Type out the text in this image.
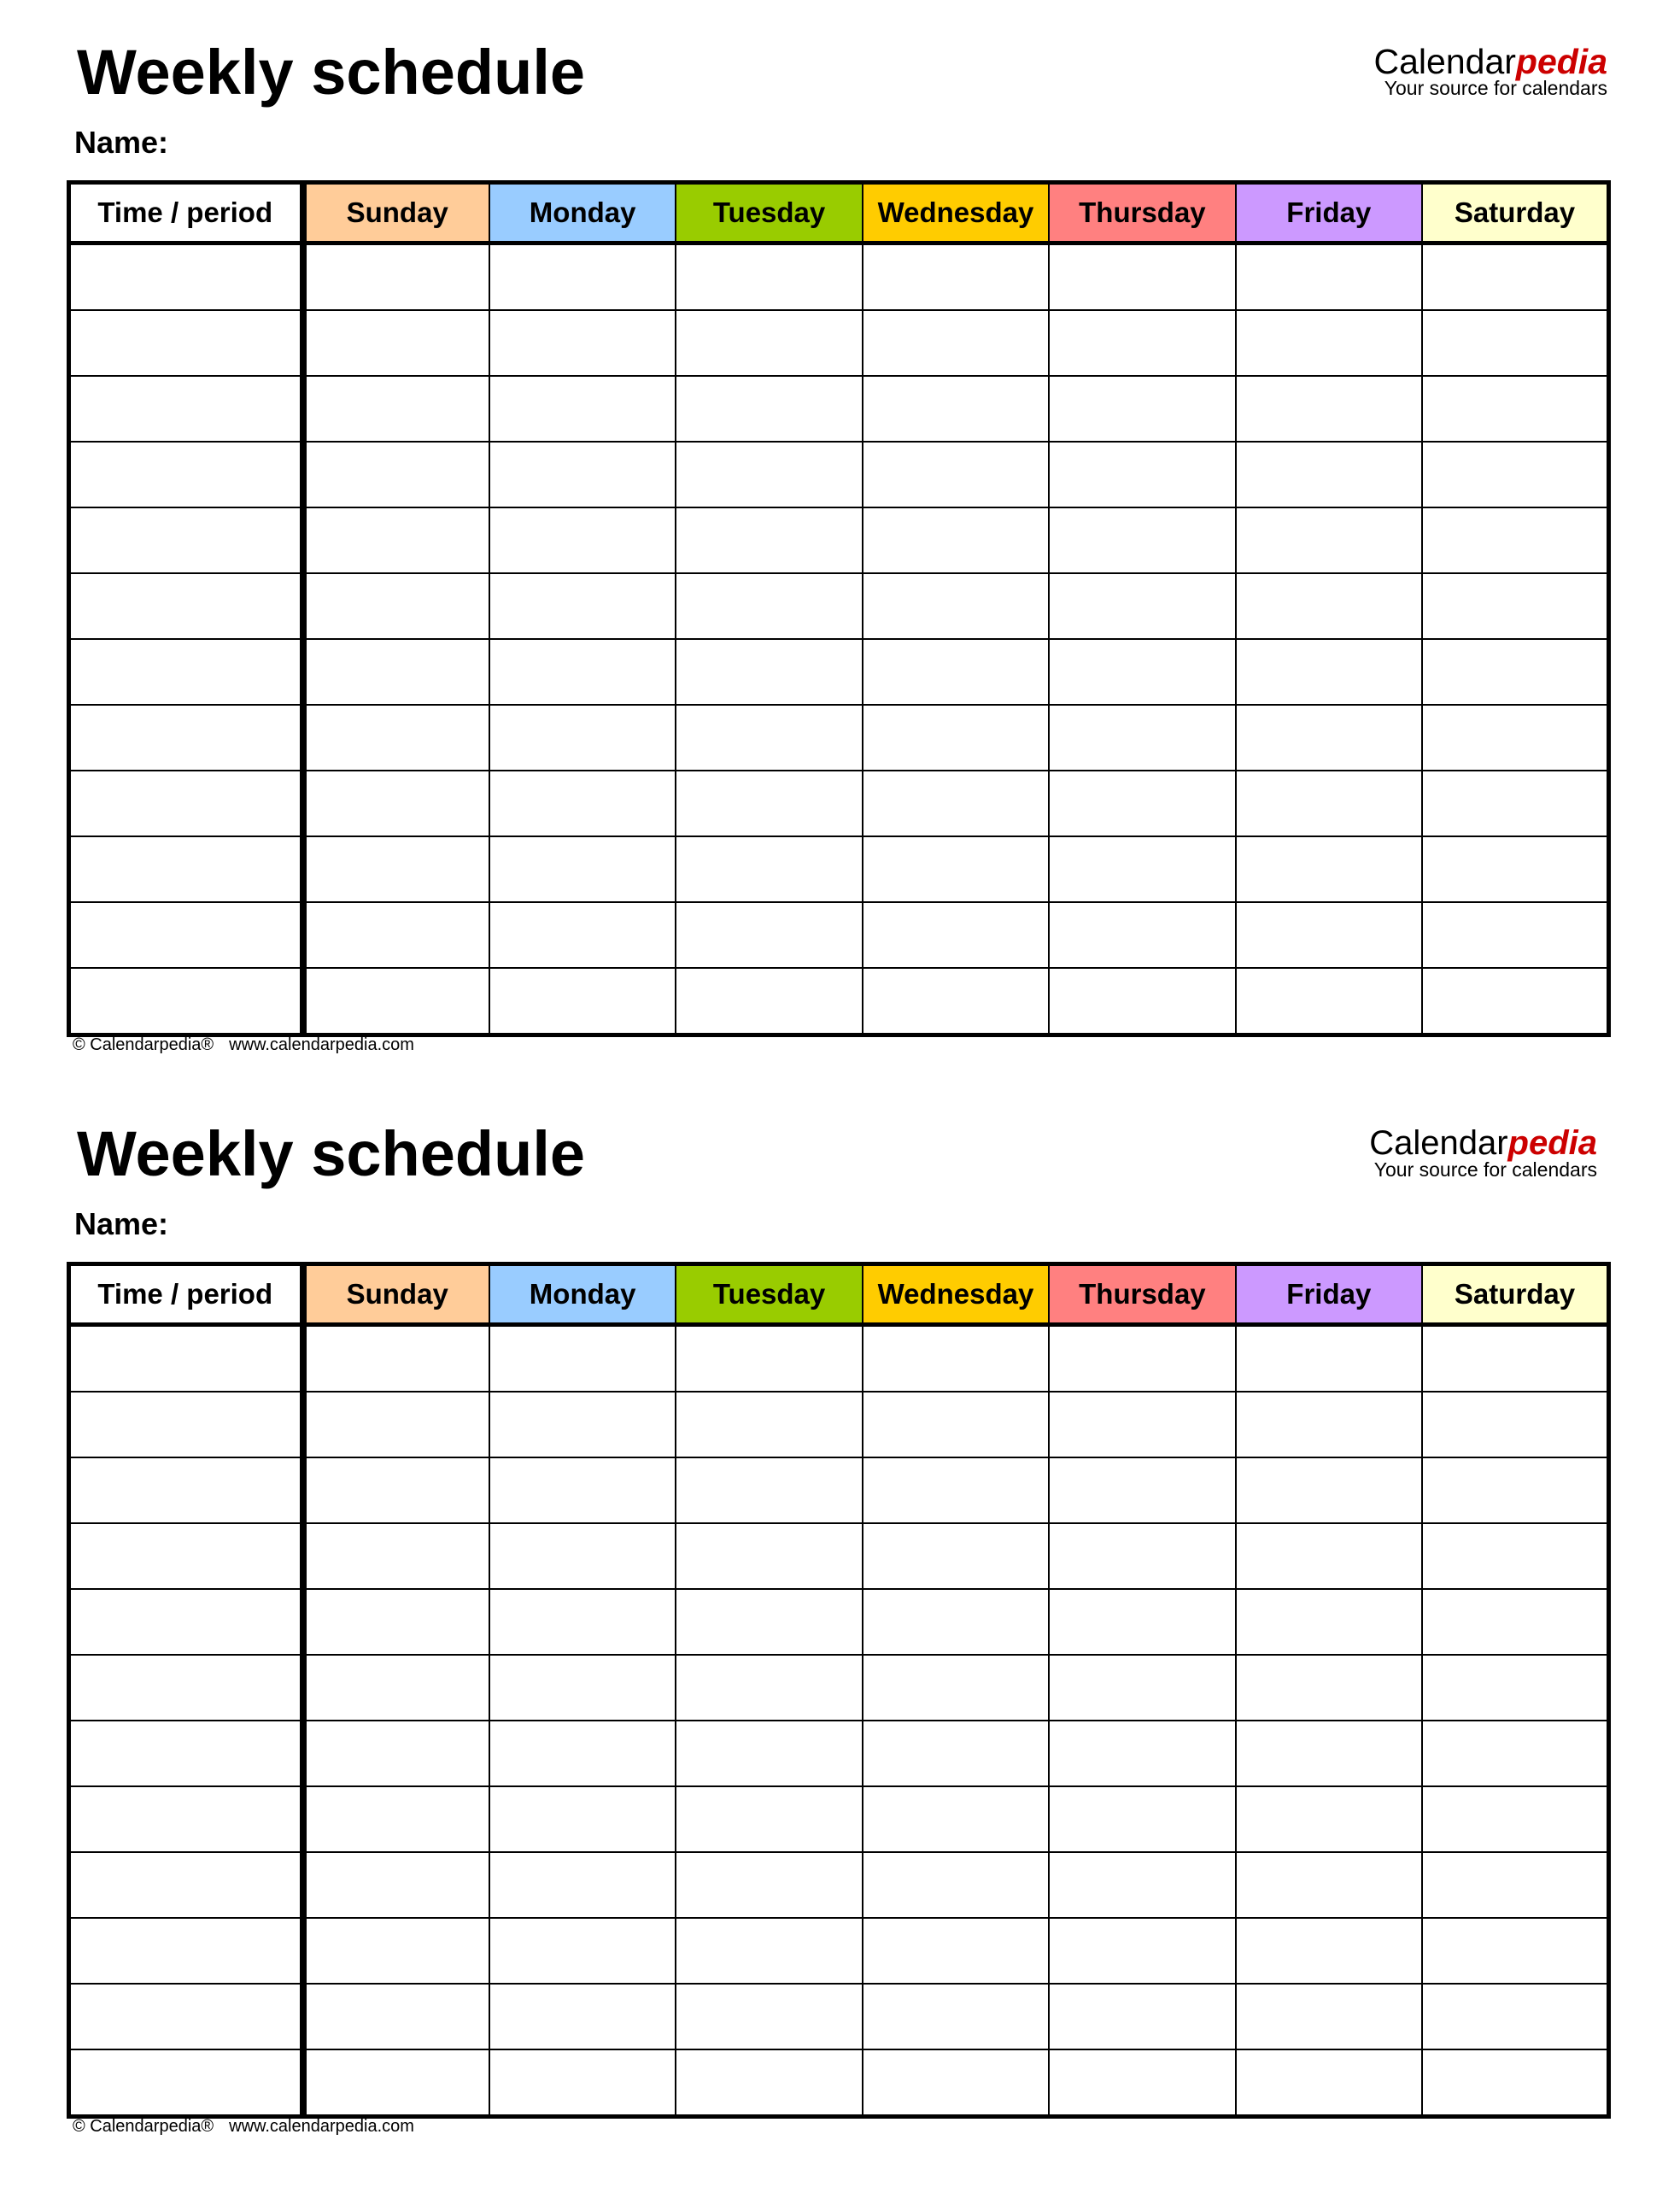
Weekly schedule
Name:
Calendarpedia
Your source for calendars
Time / period	Sunday	Monday	Tuesday	Wednesday	Thursday	Friday	Saturday

© Calendarpedia® www.calendarpedia.com
Weekly schedule
Name:
Calendarpedia
Your source for calendars
Time / period	Sunday	Monday	Tuesday	Wednesday	Thursday	Friday	Saturday

© Calendarpedia® www.calendarpedia.com
